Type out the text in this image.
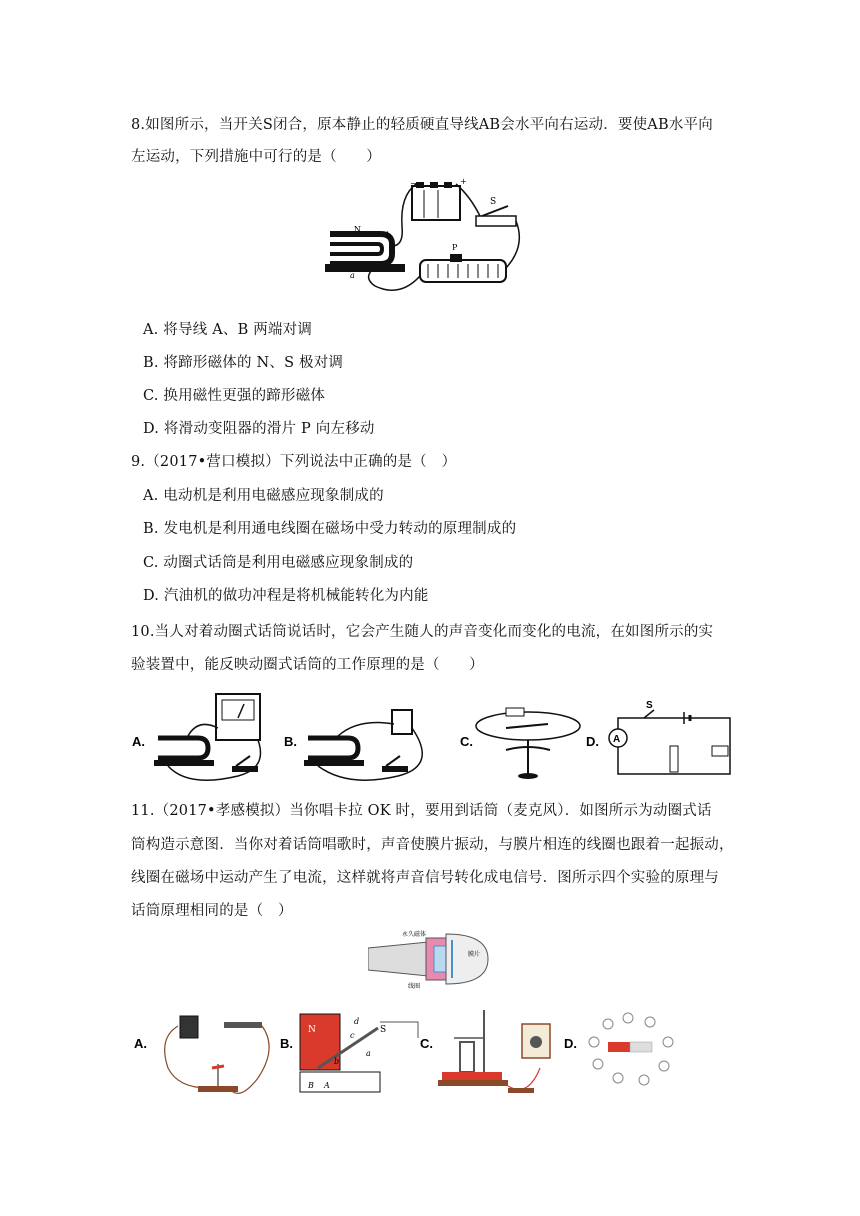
8.如图所示，当开关S闭合，原本静止的轻质硬直导线AB会水平向右运动．要使AB水平向
左运动，下列措施中可行的是（　　）
−	+
S
N
a
b
P
A. 将导线 A、B 两端对调
B. 将蹄形磁体的 N、S 极对调
C. 换用磁性更强的蹄形磁体
D. 将滑动变阻器的滑片 P 向左移动
9.（2017•营口模拟）下列说法中正确的是（　）
A. 电动机是利用电磁感应现象制成的
B. 发电机是利用通电线圈在磁场中受力转动的原理制成的
C. 动圈式话筒是利用电磁感应现象制成的
D. 汽油机的做功冲程是将机械能转化为内能
10.当人对着动圈式话筒说话时，它会产生随人的声音变化而变化的电流，在如图所示的实
验装置中，能反映动圈式话筒的工作原理的是（　　）
A.	B.	C.	D. A
S
11.（2017•孝感模拟）当你唱卡拉 OK 时，要用到话筒（麦克风）．如图所示为动圈式话
筒构造示意图．当你对着话筒唱歌时，声音使膜片振动，与膜片相连的线圈也跟着一起振动，
线圈在磁场中运动产生了电流，这样就将声音信号转化成电信号．图所示四个实验的原理与
话筒原理相同的是（　）
永久磁体
膜片
线圈
A.	B.
N	S
c
a
b
d
B A
C.	D.
